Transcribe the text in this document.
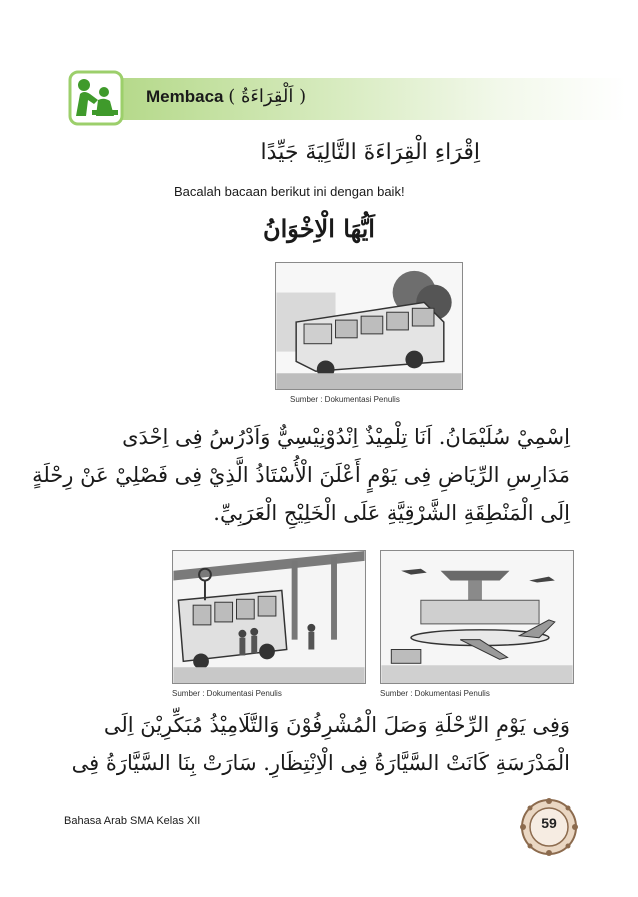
Membaca ( اَلْقِرَاءَةُ )
اِقْرَاءِ الْقِرَاءَةَ التَّالِيَةَ جَيِّدًا
Bacalah bacaan berikut ini dengan baik!
اَيُّهَا الْاِخْوَانُ
Sumber : Dokumentasi Penulis
اِسْمِيْ سُلَيْمَانُ. اَنَا تِلْمِيْذٌ اِنْدُوْنِيْسِيٌّ وَاَدْرُسُ فِى اِحْدَى
مَدَارِسِ الرِّيَاضِ فِى يَوْمٍ أَعْلَنَ الْأُسْتَاذُ الَّذِيْ فِى فَصْلِيْ عَنْ رِحْلَةٍ
اِلَى الْمَنْطِقَةِ الشَّرْقِيَّةِ عَلَى الْخَلِيْجِ الْعَرَبِيِّ.
Sumber : Dokumentasi Penulis	Sumber : Dokumentasi Penulis
وَفِى يَوْمِ الرِّحْلَةِ وَصَلَ الْمُشْرِفُوْنَ وَالتَّلَامِيْذُ مُبَكِّرِيْنَ اِلَى
الْمَدْرَسَةِ كَانَتْ السَّيَّارَةُ فِى الْاِنْتِظَارِ. سَارَتْ بِنَا السَّيَّارَةُ فِى
Bahasa Arab SMA Kelas XII	59
